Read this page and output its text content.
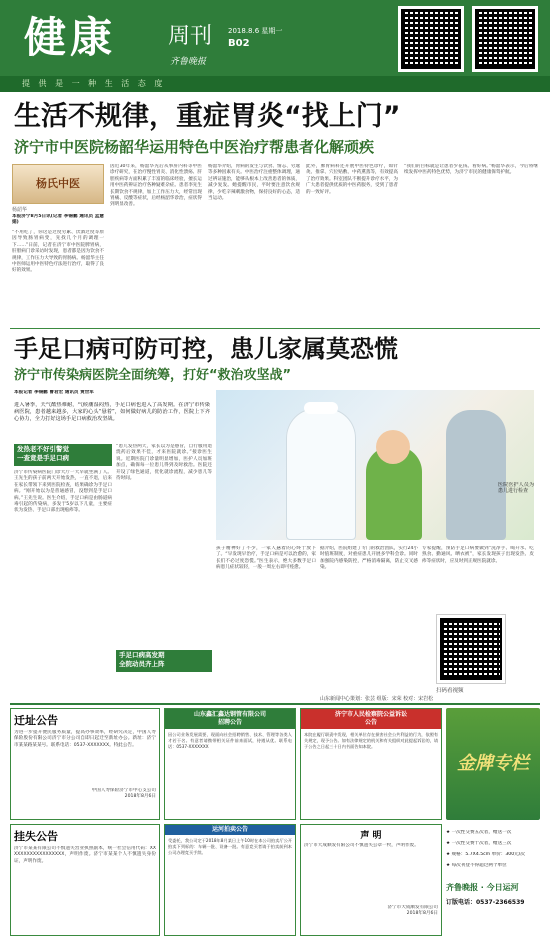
健康 周刊 2018.8.6 星期一
B02
齐鲁晚报
提 供 是 一 种 生 活 态 度
生活不规律，重症胃炎“找上门”
济宁市中医院杨韶华运用特色中医治疗帮患者化解顽疾
杨氏中医
杨韶华
本报济宁8月5日讯(记者 李锡鹏 通讯员 孟慧娟)
“不用吃了，你这是过度劳累、饮酒过度等原因导致肠胃病变，先找几个月的调理一下……”日前，记者在济宁市中医院脾胃病，肝胆病门诊采访时发现，患者都是因为饮食不规律，工作压力大导致的胃肠病。杨韶华主任中医师运用中医特色疗法进行治疗，取得了良好的效果。
因近30年来，杨韶华先后从事肝内科等中医诊疗研究，在治疗慢性胃炎、消化性溃疡、肝胆疾病等方面积累了丰富的临床经验，擅长运用中医药辨证治疗各种疑难杂症。患者李先生长期饮食不规律，加上工作压力大，经常出现胃痛、反酸等症状，后经杨韶华诊治，症状得到明显改善。
杨韶华介绍，胃病的发生与饮食、情志、劳逸等多种因素有关。中医治疗注重整体调理，通过辨证施治，能够从根本上改善患者的体质，减少复发。她提醒市民，平时要注意饮食规律，少吃辛辣刺激食物，保持良好的心态，适当运动。
此外，脾胃病科还开展中医特色诊疗，如针灸、推拿、穴位贴敷、中药熏蒸等，有效提高了治疗效果。科室团队不断提升诊疗水平，为广大患者提供优质的中医药服务，受到了患者的一致好评。
“我们的目标就是让患者少花钱、看好病。”杨韶华表示，今后将继续发挥中医药特色优势，为济宁市民的健康保驾护航。
手足口病可防可控，患儿家属莫恐慌
济宁市传染病医院全面统筹，打好“救治攻坚战”
本报记者 李锡鹏 曹君宏 通讯员 贾世军
进入暑季，天气酷热难耐，气候潮湿闷热，手足口病也进入了高发期。在济宁市传染病医院，患者越来越多，大家的心头“悬着”，如何做好病儿的防治工作，医院上下齐心协力，全力打好这场手足口病救治攻坚战。
发热老不好引警觉
一查竟是手足口病
济宁市传染病医院门诊大厅一大早就坐满了人。王先生的孩子前两天开始发热，一直不退，后来在家长带领下来到医院检查，结果确诊为手足口病。“刚开始以为是普通感冒，没想到是手足口病。”王先生说。医生介绍，手足口病是由肠道病毒引起的传染病，多发于5岁以下儿童，主要症状为发热、手足口部出现疱疹等。
“患儿发热两天，家长以为是感冒，自行服用退烧药后效果不佳，才来医院就诊。”接诊医生说。近期医院门诊量明显增加，医护人员加班加点，确保每一位患儿得到及时救治。医院还开设了绿色通道，优化就诊流程，减少患儿等待时间。
医院医护人员为患儿进行检查
孩子精神好了不少，一家人悬着的心终于放下了。“早发现早治疗，手足口病是可以治愈的，家长们不必过度恐慌。”医生表示，绝大多数手足口病患儿症状较轻，一般一周左右即可痊愈。
据介绍，医院组建了专门的救治团队，实行24小时值班制度，对重症患儿开展多学科会诊。同时加强院内感染防控，严格消毒隔离，防止交叉感染。
专家提醒，预防手足口病要做到“洗净手、喝开水、吃熟食、勤通风、晒衣被”，家长发现孩子出现发热、皮疹等症状时，应及时到正规医院就诊。
扫码看视频
手足口病高发期
全院动员齐上阵
山东新闻中心策划：张芸 组版：宋荣 校对：宋岩松
迁址公告
为进一步提升便民服务质量，提高办事效率，经研究决定，中国人寿保险股份有限公司济宁市分公司自即日起迁至新址办公。新址：济宁市某某路某某号。联系电话：0537-XXXXXXX。特此公告。
中国人寿保险济宁市中心支公司
2018年8月6日
山东鑫汇鑫达钢管有限公司
招聘公告
因公司业务发展需要，现面向社会招聘销售、技术、管理等各类人才若干名。有意者请携带相关证件前来面试，待遇从优。联系电话：0537-XXXXXXX
济宁市人民检察院公益诉讼
公告
本院在履行职责中发现，相关单位存在损害社会公共利益的行为，依照有关规定，现予公告。如有法律规定的机关和有关组织对此提起诉讼的，请于公告之日起三十日内书面告知本院。
金牌专栏
挂失公告
济宁市某某有限公司不慎遗失营业执照副本，统一社会信用代码：XXXXXXXXXXXXXXXXXX，声明作废。济宁市某某个人不慎遗失身份证，声明作废。
运河拍卖公告
受委托，我公司定于2018年8月某日上午10时在本公司拍卖厅公开拍卖下列标的：车辆一批、设备一批。有意竞买者请于拍卖前到本公司办理竞买手续。
声 明
济宁市大成顺发有限公司不慎遗失公章一枚，声明作废。
济宁市大成顺发有限公司
2018年8月6日
★ 一次性交费五次者，赠送一次
★ 一次性交费十次者，赠送三次
★ 规格：5.7X4.5cm 单价：300元/次
★ 每次刊登不得超过两个单位
齐鲁晚报 · 今日运河
订版电话：0537-2366539
